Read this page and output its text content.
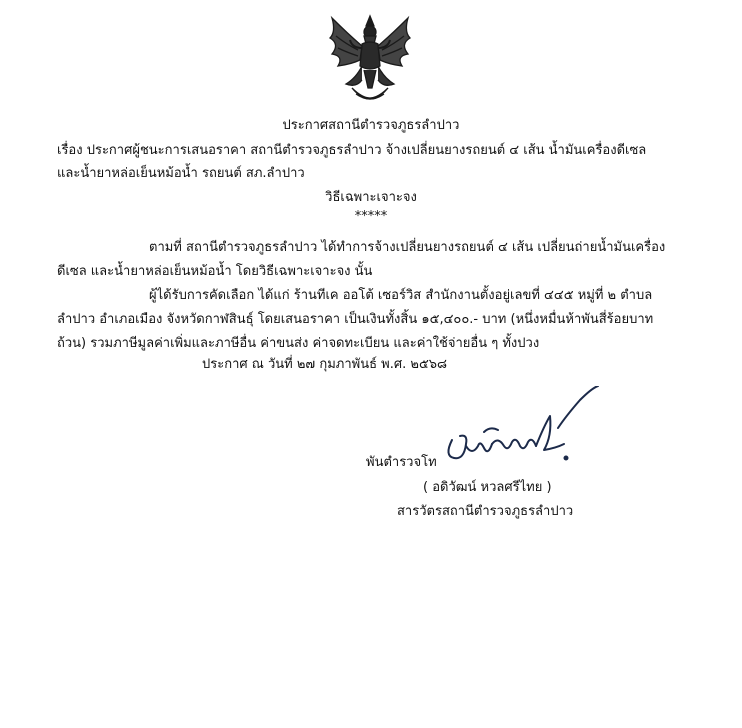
ประกาศสถานีตำรวจภูธรลำปาว
เรื่อง ประกาศผู้ชนะการเสนอราคา สถานีตำรวจภูธรลำปาว จ้างเปลี่ยนยางรถยนต์ ๔ เส้น น้ำมันเครื่องดีเซล
และน้ำยาหล่อเย็นหม้อน้ำ รถยนต์ สภ.ลำปาว
วิธีเฉพาะเจาะจง
*****
ตามที่ สถานีตำรวจภูธรลำปาว ได้ทำการจ้างเปลี่ยนยางรถยนต์ ๔ เส้น เปลี่ยนถ่ายน้ำมันเครื่อง
ดีเซล และน้ำยาหล่อเย็นหม้อน้ำ โดยวิธีเฉพาะเจาะจง นั้น
ผู้ได้รับการคัดเลือก ได้แก่ ร้านทีเค ออโต้ เซอร์วิส สำนักงานตั้งอยู่เลขที่ ๔๔๕ หมู่ที่ ๒ ตำบล
ลำปาว อำเภอเมือง จังหวัดกาฬสินธุ์ โดยเสนอราคา เป็นเงินทั้งสิ้น ๑๕,๔๐๐.- บาท (หนึ่งหมื่นห้าพันสี่ร้อยบาท
ถ้วน) รวมภาษีมูลค่าเพิ่มและภาษีอื่น ค่าขนส่ง ค่าจดทะเบียน และค่าใช้จ่ายอื่น ๆ ทั้งปวง
ประกาศ ณ วันที่ ๒๗ กุมภาพันธ์ พ.ศ. ๒๕๖๘
พันตำรวจโท
( อดิวัฒน์ หวลศรีไทย )
สารวัตรสถานีตำรวจภูธรลำปาว
